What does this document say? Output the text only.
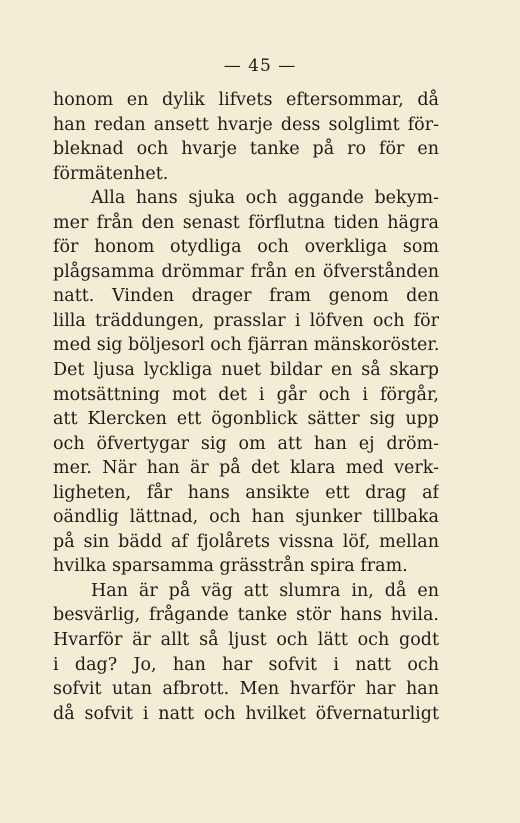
— 45 —
honom en dylik lifvets eftersommar, då
han redan ansett hvarje dess solglimt för-
bleknad och hvarje tanke på ro för en
förmätenhet.
Alla hans sjuka och aggande bekym-
mer från den senast förflutna tiden hägra
för honom otydliga och overkliga som
plågsamma drömmar från en öfverstånden
natt. Vinden drager fram genom den
lilla träddungen, prasslar i löfven och för
med sig böljesorl och fjärran mänskoröster.
Det ljusa lyckliga nuet bildar en så skarp
motsättning mot det i går och i förgår,
att Klercken ett ögonblick sätter sig upp
och öfvertygar sig om att han ej dröm-
mer. När han är på det klara med verk-
ligheten, får hans ansikte ett drag af
oändlig lättnad, och han sjunker tillbaka
på sin bädd af fjolårets vissna löf, mellan
hvilka sparsamma grässtrån spira fram.
Han är på väg att slumra in, då en
besvärlig, frågande tanke stör hans hvila.
Hvarför är allt så ljust och lätt och godt
i dag? Jo, han har sofvit i natt och
sofvit utan afbrott. Men hvarför har han
då sofvit i natt och hvilket öfvernaturligt
